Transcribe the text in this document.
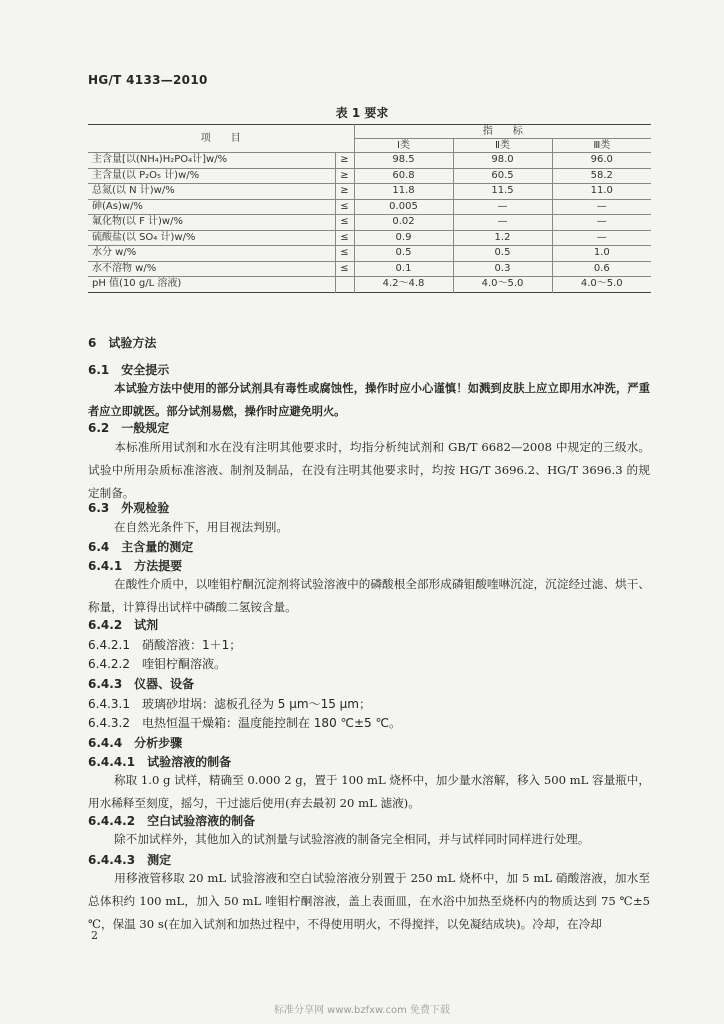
HG/T 4133—2010
表 1 要求
项　　目		指　　标		
		Ⅰ类	Ⅱ类	Ⅲ类
主含量[以(NH₄)H₂PO₄计]w/%	≥	98.5	98.0	96.0
主含量(以 P₂O₅ 计)w/%	≥	60.8	60.5	58.2
总氮(以 N 计)w/%	≥	11.8	11.5	11.0
砷(As)w/%	≤	0.005	—	—
氟化物(以 F 计)w/%	≤	0.02	—	—
硫酸盐(以 SO₄ 计)w/%	≤	0.9	1.2	—
水分 w/%	≤	0.5	0.5	1.0
水不溶物 w/%	≤	0.1	0.3	0.6
pH 值(10 g/L 溶液)		4.2～4.8	4.0～5.0	4.0～5.0
6　试验方法
6.1　安全提示
本试验方法中使用的部分试剂具有毒性或腐蚀性，操作时应小心谨慎！如溅到皮肤上应立即用水冲洗，严重者应立即就医。部分试剂易燃，操作时应避免明火。
6.2　一般规定
本标准所用试剂和水在没有注明其他要求时，均指分析纯试剂和 GB/T 6682—2008 中规定的三级水。试验中所用杂质标准溶液、制剂及制品，在没有注明其他要求时，均按 HG/T 3696.2、HG/T 3696.3 的规定制备。
6.3　外观检验
在自然光条件下，用目视法判别。
6.4　主含量的测定
6.4.1　方法提要
在酸性介质中，以喹钼柠酮沉淀剂将试验溶液中的磷酸根全部形成磷钼酸喹啉沉淀，沉淀经过滤、烘干、称量，计算得出试样中磷酸二氢铵含量。
6.4.2　试剂
6.4.2.1　硝酸溶液：1＋1；
6.4.2.2　喹钼柠酮溶液。
6.4.3　仪器、设备
6.4.3.1　玻璃砂坩埚：滤板孔径为 5 μm～15 μm；
6.4.3.2　电热恒温干燥箱：温度能控制在 180 ℃±5 ℃。
6.4.4　分析步骤
6.4.4.1　试验溶液的制备
称取 1.0 g 试样，精确至 0.000 2 g，置于 100 mL 烧杯中，加少量水溶解，移入 500 mL 容量瓶中，用水稀释至刻度，摇匀，干过滤后使用(弃去最初 20 mL 滤液)。
6.4.4.2　空白试验溶液的制备
除不加试样外，其他加入的试剂量与试验溶液的制备完全相同，并与试样同时同样进行处理。
6.4.4.3　测定
用移液管移取 20 mL 试验溶液和空白试验溶液分别置于 250 mL 烧杯中，加 5 mL 硝酸溶液，加水至总体积约 100 mL，加入 50 mL 喹钼柠酮溶液，盖上表面皿，在水浴中加热至烧杯内的物质达到 75 ℃±5 ℃，保温 30 s(在加入试剂和加热过程中，不得使用明火，不得搅拌，以免凝结成块)。冷却，在冷却
2
标准分享网 www.bzfxw.com 免费下载
